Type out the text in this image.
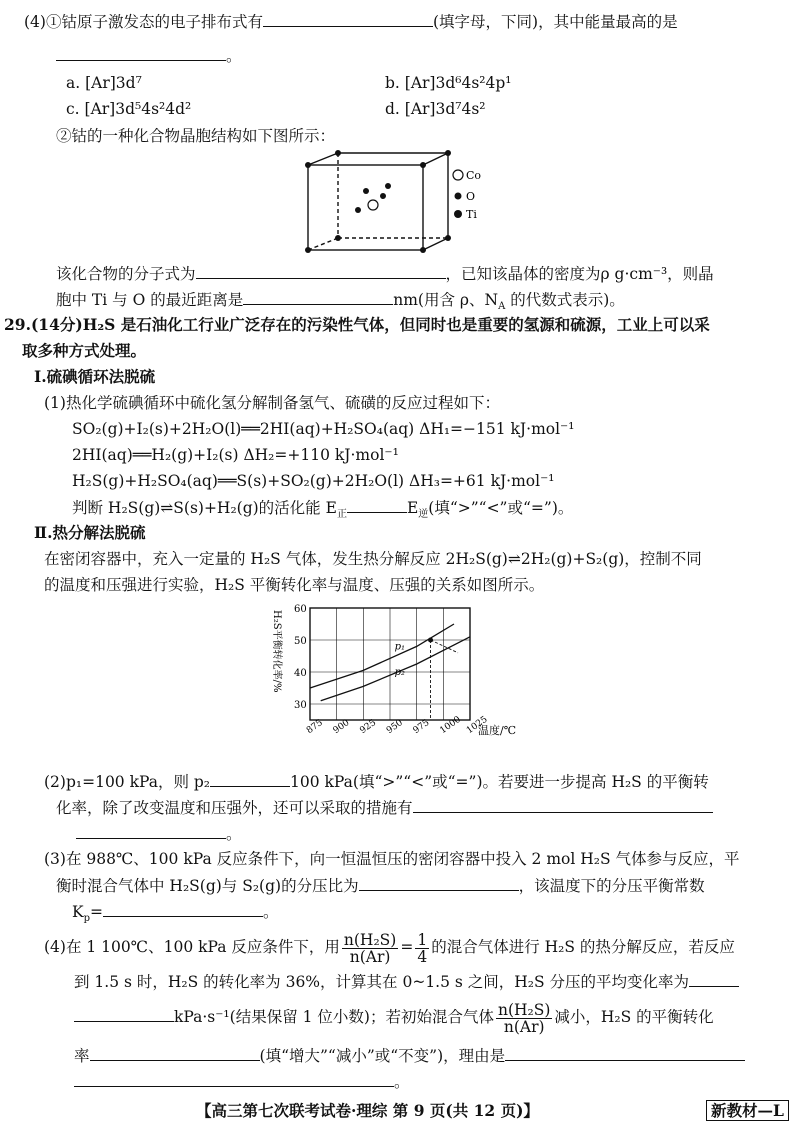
(4)①钴原子激发态的电子排布式有	(填字母，下同)，其中能量最高的是
。
a. [Ar]3d⁷	b. [Ar]3d⁶4s²4p¹
c. [Ar]3d⁵4s²4d²	d. [Ar]3d⁷4s²
②钴的一种化合物晶胞结构如下图所示：
Co
O
Ti
该化合物的分子式为	，已知该晶体的密度为ρ g·cm⁻³，则晶
胞中 Ti 与 O 的最近距离是	nm(用含 ρ、$N_A$ 的代数式表示)。
29.(14分)H₂S 是石油化工行业广泛存在的污染性气体，但同时也是重要的氢源和硫源，工业上可以采
取多种方式处理。
Ⅰ.硫碘循环法脱硫
(1)热化学硫碘循环中硫化氢分解制备氢气、硫磺的反应过程如下：
SO₂(g)+I₂(s)+2H₂O(l)══2HI(aq)+H₂SO₄(aq) ΔH₁=−151 kJ·mol⁻¹
2HI(aq)══H₂(g)+I₂(s) ΔH₂=+110 kJ·mol⁻¹
H₂S(g)+H₂SO₄(aq)══S(s)+SO₂(g)+2H₂O(l) ΔH₃=+61 kJ·mol⁻¹
判断 H₂S(g)⇌S(s)+H₂(g)的活化能 $E_正$	$E_逆$(填“>”“<”或“=”)。
Ⅱ.热分解法脱硫
在密闭容器中，充入一定量的 H₂S 气体，发生热分解反应 2H₂S(g)⇌2H₂(g)+S₂(g)，控制不同
的温度和压强进行实验，H₂S 平衡转化率与温度、压强的关系如图所示。
30
40
50
60
875 900 925 950 975 1000 1025
p₁
p₂
H₂S平衡转化率/%
温度/℃
(2)p₁=100 kPa，则 p₂	100 kPa(填“>”“<”或“=”)。若要进一步提高 H₂S 的平衡转
化率，除了改变温度和压强外，还可以采取的措施有
。
(3)在 988℃、100 kPa 反应条件下，向一恒温恒压的密闭容器中投入 2 mol H₂S 气体参与反应，平
衡时混合气体中 H₂S(g)与 S₂(g)的分压比为	，该温度下的分压平衡常数
$K_p=$	。
(4)在 1 100℃、100 kPa 反应条件下，用 $\frac{\text{n(H₂S)}}{n(Ar)} = \frac{1}{4}$ 的混合气体进行 H₂S 的热分解反应，若反应
到 1.5 s 时，H₂S 的转化率为 36%，计算其在 0~1.5 s 之间，H₂S 分压的平均变化率为
kPa·s⁻¹(结果保留 1 位小数)；若初始混合气体 $\frac{\text{n(H₂S)}}{n(Ar)}$ 减小，H₂S 的平衡转化
率	(填“增大”“减小”或“不变”)，理由是
。
【高三第七次联考试卷·理综 第 9 页(共 12 页)】	新教材—L
